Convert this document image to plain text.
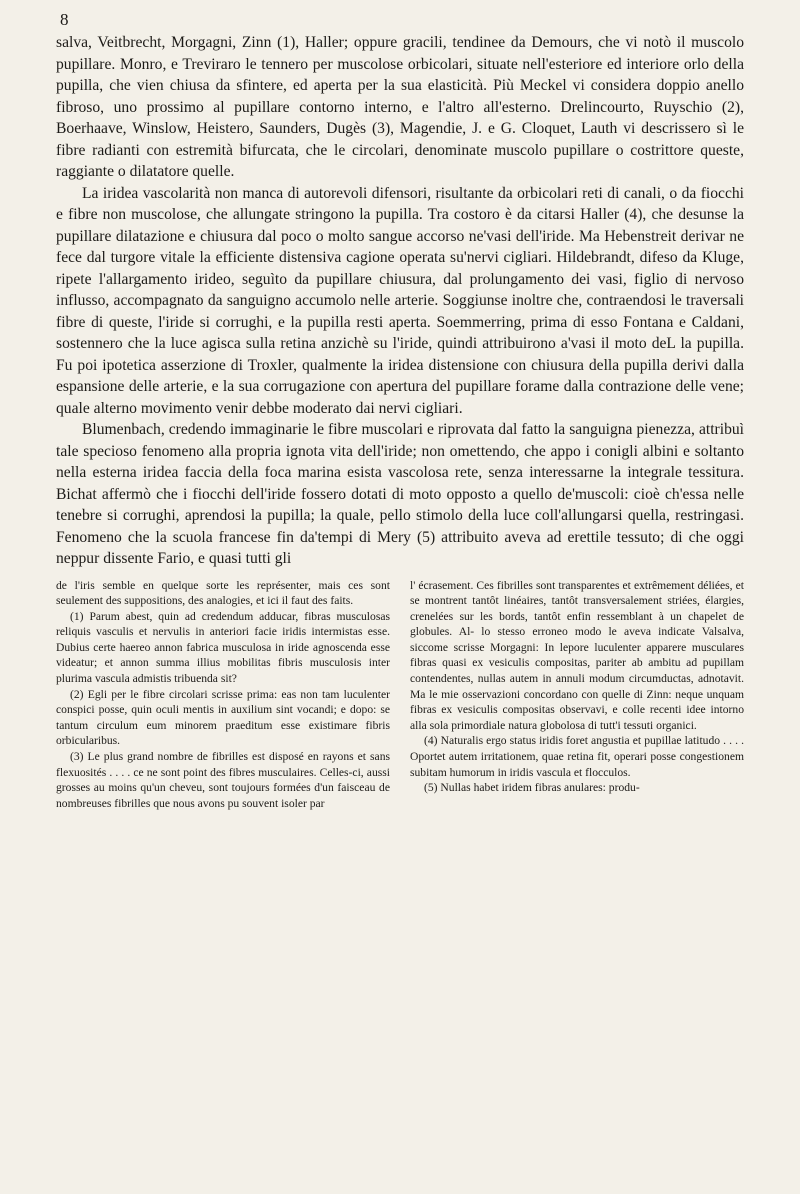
8

salva, Veitbrecht, Morgagni, Zinn (1), Haller; oppure gracili, tendinee da Demours, che vi notò il muscolo pupillare. Monro, e Treviraro le tennero per muscolose orbicolari, situate nell'esteriore ed interiore orlo della pupilla, che vien chiusa da sfintere, ed aperta per la sua elasticità. Più Meckel vi considera doppio anello fibroso, uno prossimo al pupillare contorno interno, e l'altro all'esterno. Drelincourto, Ruyschio (2), Boerhaave, Winslow, Heistero, Saunders, Dugès (3), Magendie, J. e G. Cloquet, Lauth vi descrissero sì le fibre radianti con estremità bifurcata, che le circolari, denominate muscolo pupillare o costrittore queste, raggiante o dilatatore quelle.

La iridea vascolarità non manca di autorevoli difensori, risultante da orbicolari reti di canali, o da fiocchi e fibre non muscolose, che allungate stringono la pupilla. Tra costoro è da citarsi Haller (4), che desunse la pupillare dilatazione e chiusura dal poco o molto sangue accorso ne'vasi dell'iride. Ma Hebenstreit derivar ne fece dal turgore vitale la efficiente distensiva cagione operata su'nervi cigliari. Hildebrandt, difeso da Kluge, ripete l'allargamento irideo, seguìto da pupillare chiusura, dal prolungamento dei vasi, figlio di nervoso influsso, accompagnato da sanguigno accumolo nelle arterie. Soggiunse inoltre che, contraendosi le traversali fibre di queste, l'iride si corrughi, e la pupilla resti aperta. Soemmerring, prima di esso Fontana e Caldani, sostennero che la luce agisca sulla retina anzichè su l'iride, quindi attribuirono a'vasi il moto deL la pupilla. Fu poi ipotetica asserzione di Troxler, qualmente la iridea distensione con chiusura della pupilla derivi dalla espansione delle arterie, e la sua corrugazione con apertura del pupillare forame dalla contrazione delle vene; quale alterno movimento venir debbe moderato dai nervi cigliari.

Blumenbach, credendo immaginarie le fibre muscolari e riprovata dal fatto la sanguigna pienezza, attribuì tale specioso fenomeno alla propria ignota vita dell'iride; non omettendo, che appo i conigli albini e soltanto nella esterna iridea faccia della foca marina esista vascolosa rete, senza interessarne la integrale tessitura. Bichat affermò che i fiocchi dell'iride fossero dotati di moto opposto a quello de'muscoli: cioè ch'essa nelle tenebre si corrughi, aprendosi la pupilla; la quale, pello stimolo della luce coll'allungarsi quella, restringasi. Fenomeno che la scuola francese fin da'tempi di Mery (5) attribuito aveva ad erettile tessuto; di che oggi neppur dissente Fario, e quasi tutti gli

de l'iris semble en quelque sorte les représenter, mais ces sont seulement des suppositions, des analogies, et ici il faut des faits.

(1) Parum abest, quin ad credendum adducar, fibras musculosas reliquis vasculis et nervulis in anteriori facie iridis intermistas esse. Dubius certe haereo annon fabrica musculosa in iride agnoscenda esse videatur; et annon summa illius mobilitas fibris musculosis inter plurima vascula admistis tribuenda sit?

(2) Egli per le fibre circolari scrisse prima: eas non tam luculenter conspici posse, quin oculi mentis in auxilium sint vocandi; e dopo: se tantum circulum eum minorem praeditum esse existimare fibris orbicularibus.

(3) Le plus grand nombre de fibrilles est disposé en rayons et sans flexuosités . . . . ce ne sont point des fibres musculaires. Celles-ci, aussi grosses au moins qu'un cheveu, sont toujours formées d'un faisceau de nombreuses fibrilles que nous avons pu souvent isoler par

l' écrasement. Ces fibrilles sont transparentes et extrêmement déliées, et se montrent tantôt linéaires, tantôt transversalement striées, élargies, crenelées sur les bords, tantôt enfin ressemblant à un chapelet de globules. Al- lo stesso erroneo modo le aveva indicate Valsalva, siccome scrisse Morgagni: In lepore luculenter apparere musculares fibras quasi ex vesiculis compositas, pariter ab ambitu ad pupillam contendentes, nullas autem in annuli modum circumductas, adnotavit. Ma le mie osservazioni concordano con quelle di Zinn: neque unquam fibras ex vesiculis compositas observavi, e colle recenti idee intorno alla sola primordiale natura globolosa di tutt'i tessuti organici.

(4) Naturalis ergo status iridis foret angustia et pupillae latitudo . . . . Oportet autem irritationem, quae retina fit, operari posse congestionem subitam humorum in iridis vascula et flocculos.

(5) Nullas habet iridem fibras anulares: produ-
